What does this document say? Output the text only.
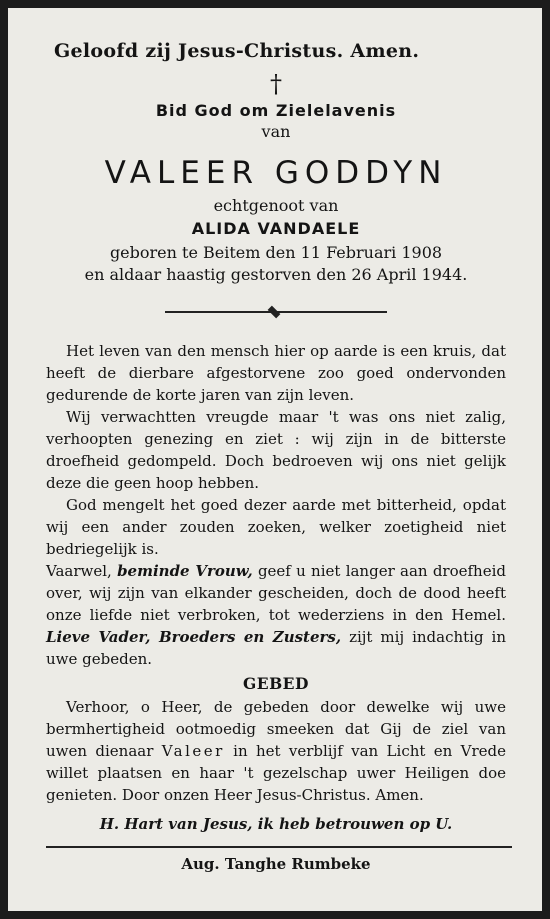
Geloofd zij Jesus-Christus. Amen.
†
Bid God om Zielelavenis
van
VALEER GODDYN
echtgenoot van
ALIDA VANDAELE
geboren te Beitem den 11 Februari 1908
en aldaar haastig gestorven den 26 April 1944.

Het leven van den mensch hier op aarde is een kruis, dat heeft de dierbare afgestorvene zoo goed ondervonden gedurende de korte jaren van zijn leven.

Wij verwachtten vreugde maar 't was ons niet zalig, verhoopten genezing en ziet : wij zijn in de bitterste droefheid gedompeld. Doch bedroeven wij ons niet gelijk deze die geen hoop hebben.

God mengelt het goed dezer aarde met bitterheid, opdat wij een ander zouden zoeken, welker zoetigheid niet bedriegelijk is.

Vaarwel, beminde Vrouw, geef u niet langer aan droefheid over, wij zijn van elkander gescheiden, doch de dood heeft onze liefde niet verbroken, tot wederziens in den Hemel. Lieve Vader, Broeders en Zusters, zijt mij indachtig in uwe gebeden.

GEBED

Verhoor, o Heer, de gebeden door dewelke wij uwe bermhertigheid ootmoedig smeeken dat Gij de ziel van uwen dienaar Valeer in het verblijf van Licht en Vrede willet plaatsen en haar 't gezelschap uwer Heiligen doe genieten. Door onzen Heer Jesus-Christus. Amen.

H. Hart van Jesus, ik heb betrouwen op U.
Aug. Tanghe Rumbeke
